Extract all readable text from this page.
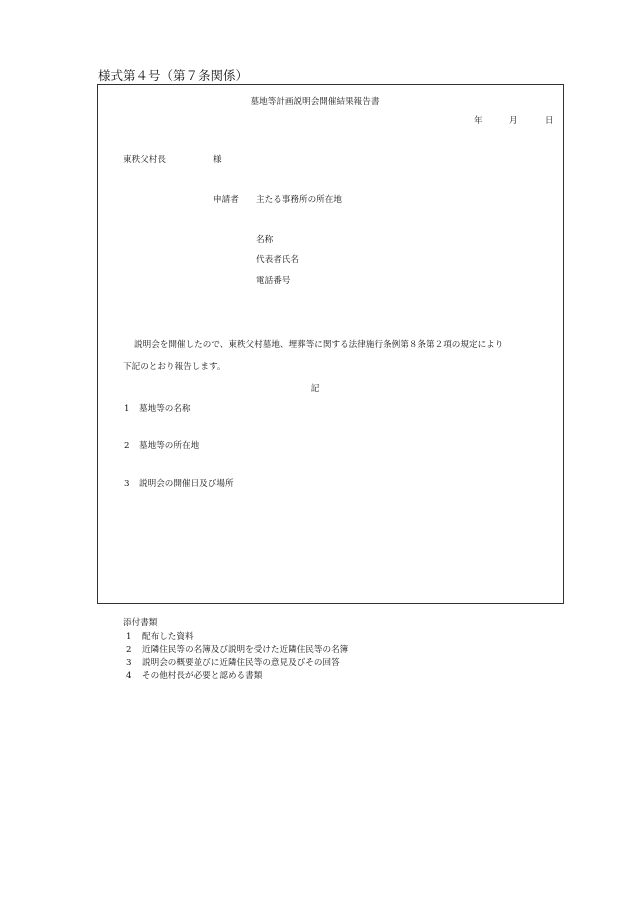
様式第４号（第７条関係）
墓地等計画説明会開催結果報告書
年	月	日
東秩父村長	様
申請者 主たる事務所の所在地
名称
代表者氏名
電話番号
説明会を開催したので、東秩父村墓地、埋葬等に関する法律施行条例第８条第２項の規定により
下記のとおり報告します。
記
1 墓地等の名称
2 墓地等の所在地
3 説明会の開催日及び場所
添付書類
1 配布した資料
2 近隣住民等の名簿及び説明を受けた近隣住民等の名簿
3 説明会の概要並びに近隣住民等の意見及びその回答
4 その他村長が必要と認める書類
